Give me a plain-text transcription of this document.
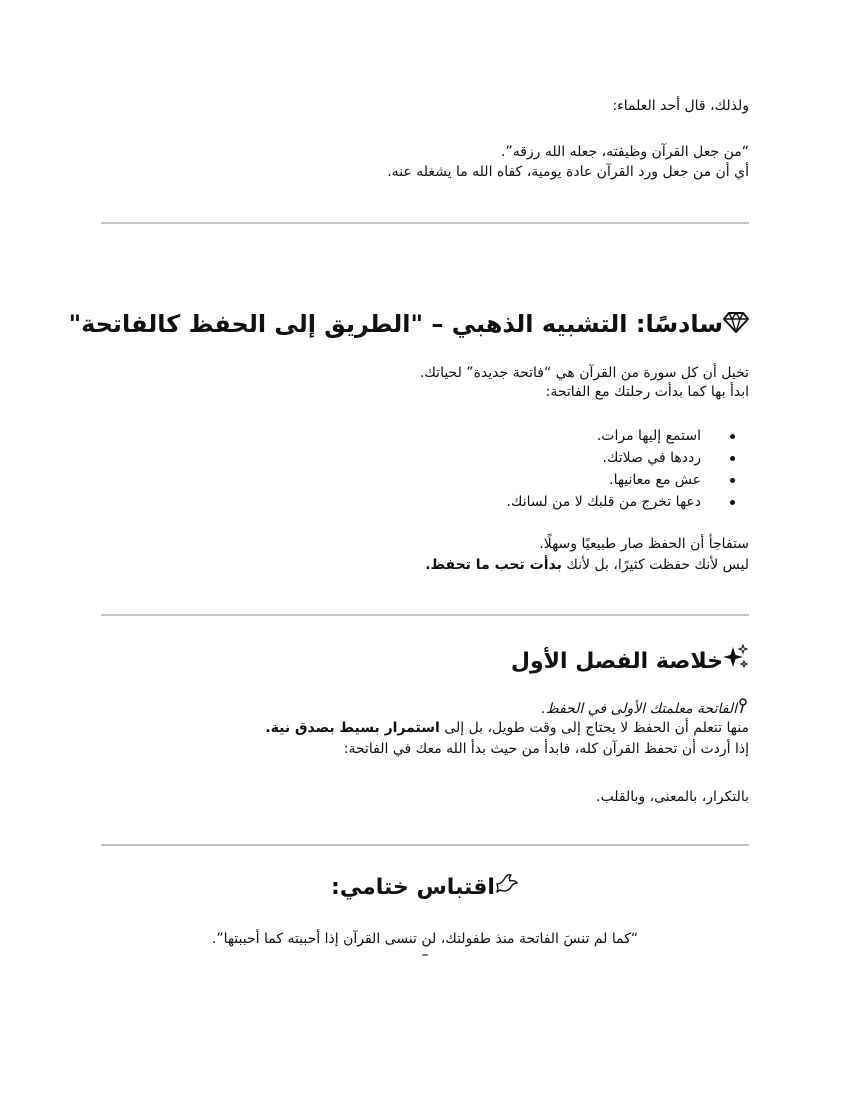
ولذلك، قال أحد العلماء:
“من جعل القرآن وظيفته، جعله الله رزقه”.
أي أن من جعل ورد القرآن عادة يومية، كفاه الله ما يشغله عنه.
سادسًا: التشبيه الذهبي – "الطريق إلى الحفظ كالفاتحة"
تخيل أن كل سورة من القرآن هي “فاتحة جديدة” لحياتك.
ابدأ بها كما بدأت رحلتك مع الفاتحة:
استمع إليها مرات.
رددها في صلاتك.
عش مع معانيها.
دعها تخرج من قلبك لا من لسانك.
ستفاجأ أن الحفظ صار طبيعيًا وسهلًا.
ليس لأنك حفظت كثيرًا، بل لأنك بدأت تحب ما تحفظ.
خلاصة الفصل الأول
الفاتحة معلمتك الأولى في الحفظ.
منها تتعلم أن الحفظ لا يحتاج إلى وقت طويل، بل إلى استمرار بسيط بصدق نية.
إذا أردت أن تحفظ القرآن كله، فابدأ من حيث بدأ الله معك في الفاتحة:
بالتكرار، بالمعنى، وبالقلب.
اقتباس ختامي:
“كما لم تنسَ الفاتحة منذ طفولتك، لن تنسى القرآن إذا أحببته كما أحببتها”.
–
